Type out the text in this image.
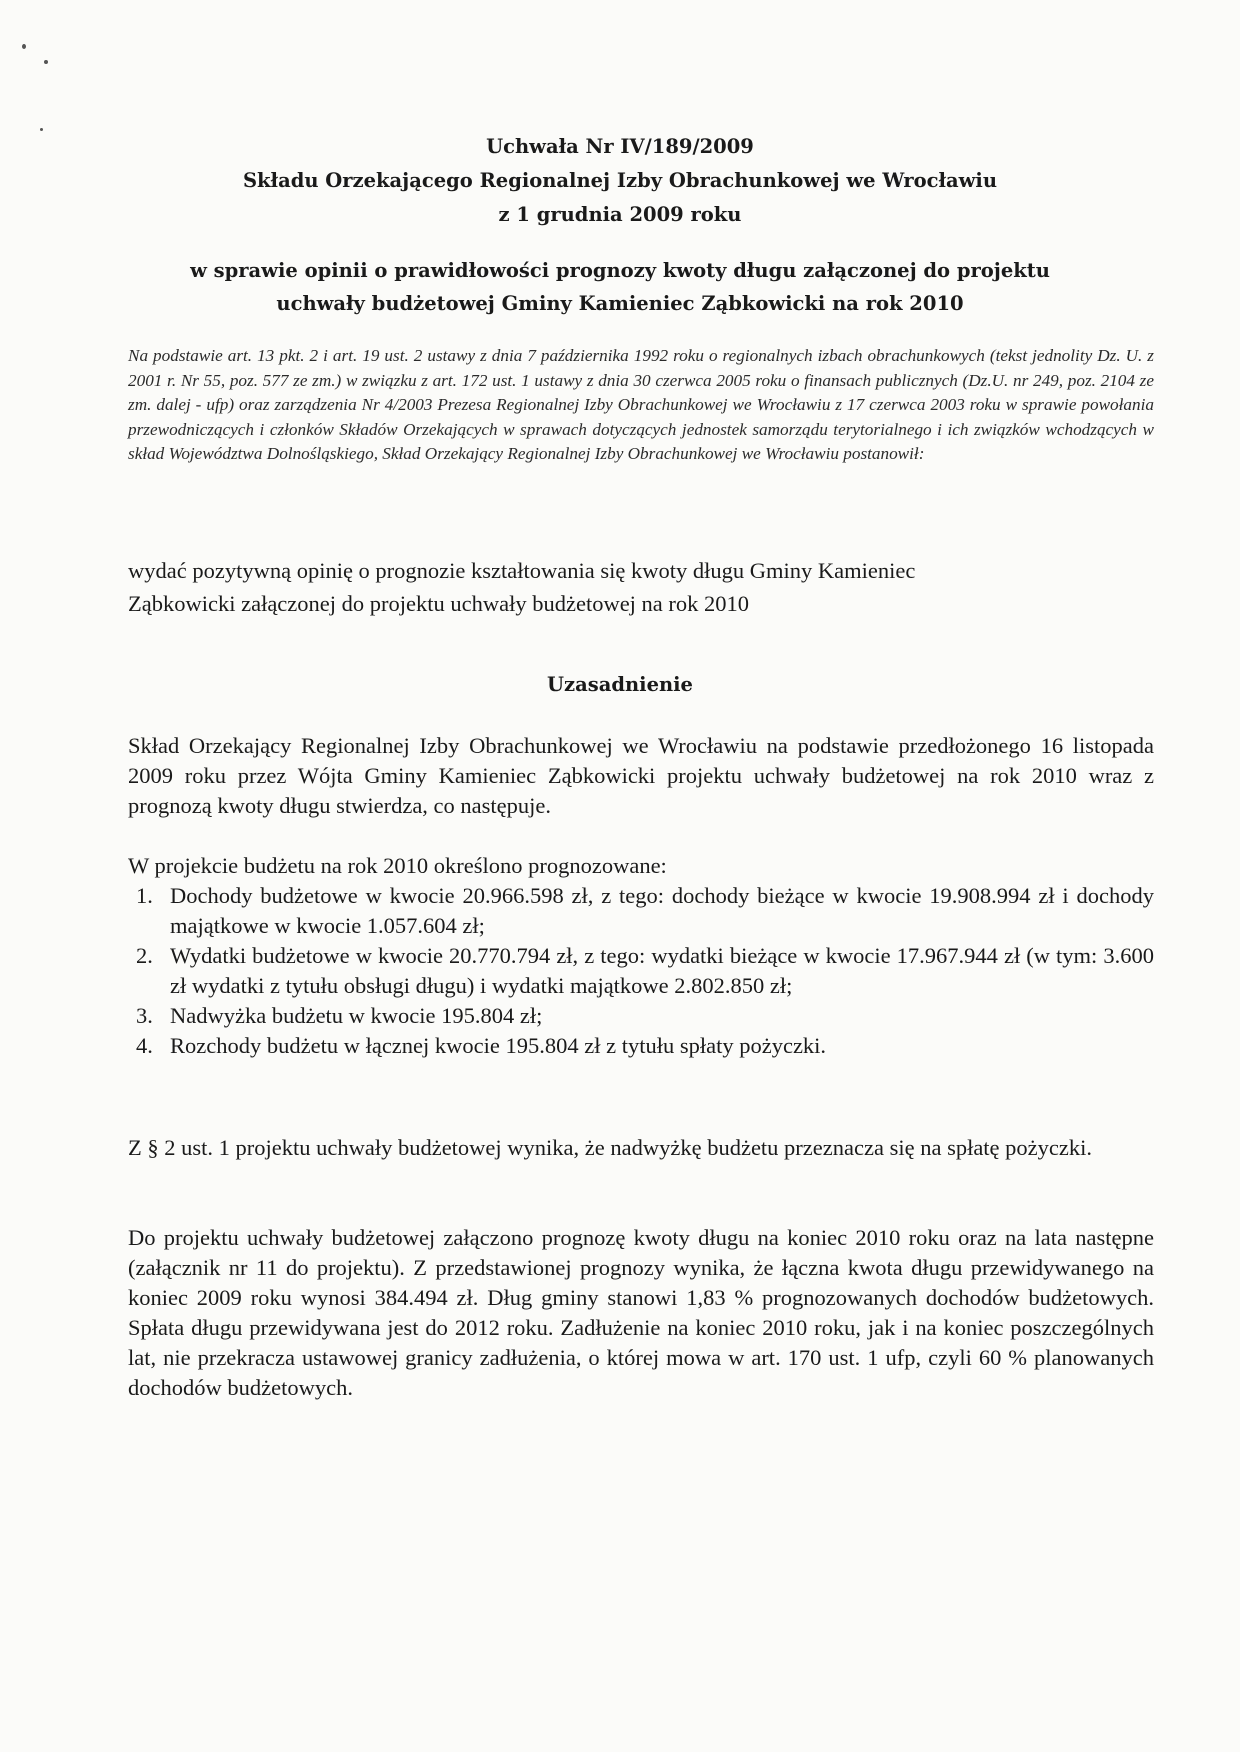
Uchwała Nr IV/189/2009
Składu Orzekającego Regionalnej Izby Obrachunkowej we Wrocławiu
z 1 grudnia 2009 roku
w sprawie opinii o prawidłowości prognozy kwoty długu załączonej do projektu
uchwały budżetowej Gminy Kamieniec Ząbkowicki na rok 2010
Na podstawie art. 13 pkt. 2 i art. 19 ust. 2 ustawy z dnia 7 października 1992 roku o regionalnych izbach obrachunkowych (tekst jednolity Dz. U. z 2001 r. Nr 55, poz. 577 ze zm.) w związku z art. 172 ust. 1 ustawy z dnia 30 czerwca 2005 roku o finansach publicznych (Dz.U. nr 249, poz. 2104 ze zm. dalej - ufp) oraz zarządzenia Nr 4/2003 Prezesa Regionalnej Izby Obrachunkowej we Wrocławiu z 17 czerwca 2003 roku w sprawie powołania przewodniczących i członków Składów Orzekających w sprawach dotyczących jednostek samorządu terytorialnego i ich związków wchodzących w skład Województwa Dolnośląskiego, Skład Orzekający Regionalnej Izby Obrachunkowej we Wrocławiu postanowił:
wydać pozytywną opinię o prognozie kształtowania się kwoty długu Gminy Kamieniec
Ząbkowicki załączonej do projektu uchwały budżetowej na rok 2010
Uzasadnienie
Skład Orzekający Regionalnej Izby Obrachunkowej we Wrocławiu na podstawie przedłożonego 16 listopada 2009 roku przez Wójta Gminy Kamieniec Ząbkowicki projektu uchwały budżetowej na rok 2010 wraz z prognozą kwoty długu stwierdza, co następuje.
W projekcie budżetu na rok 2010 określono prognozowane:
1. Dochody budżetowe w kwocie 20.966.598 zł, z tego: dochody bieżące w kwocie 19.908.994 zł i dochody majątkowe w kwocie 1.057.604 zł;
2. Wydatki budżetowe w kwocie 20.770.794 zł, z tego: wydatki bieżące w kwocie 17.967.944 zł (w tym: 3.600 zł wydatki z tytułu obsługi długu) i wydatki majątkowe 2.802.850 zł;
3. Nadwyżka budżetu w kwocie 195.804 zł;
4. Rozchody budżetu w łącznej kwocie 195.804 zł z tytułu spłaty pożyczki.
Z § 2 ust. 1 projektu uchwały budżetowej wynika, że nadwyżkę budżetu przeznacza się na spłatę pożyczki.
Do projektu uchwały budżetowej załączono prognozę kwoty długu na koniec 2010 roku oraz na lata następne (załącznik nr 11 do projektu). Z przedstawionej prognozy wynika, że łączna kwota długu przewidywanego na koniec 2009 roku wynosi 384.494 zł. Dług gminy stanowi 1,83 % prognozowanych dochodów budżetowych. Spłata długu przewidywana jest do 2012 roku. Zadłużenie na koniec 2010 roku, jak i na koniec poszczególnych lat, nie przekracza ustawowej granicy zadłużenia, o której mowa w art. 170 ust. 1 ufp, czyli 60 % planowanych dochodów budżetowych.
